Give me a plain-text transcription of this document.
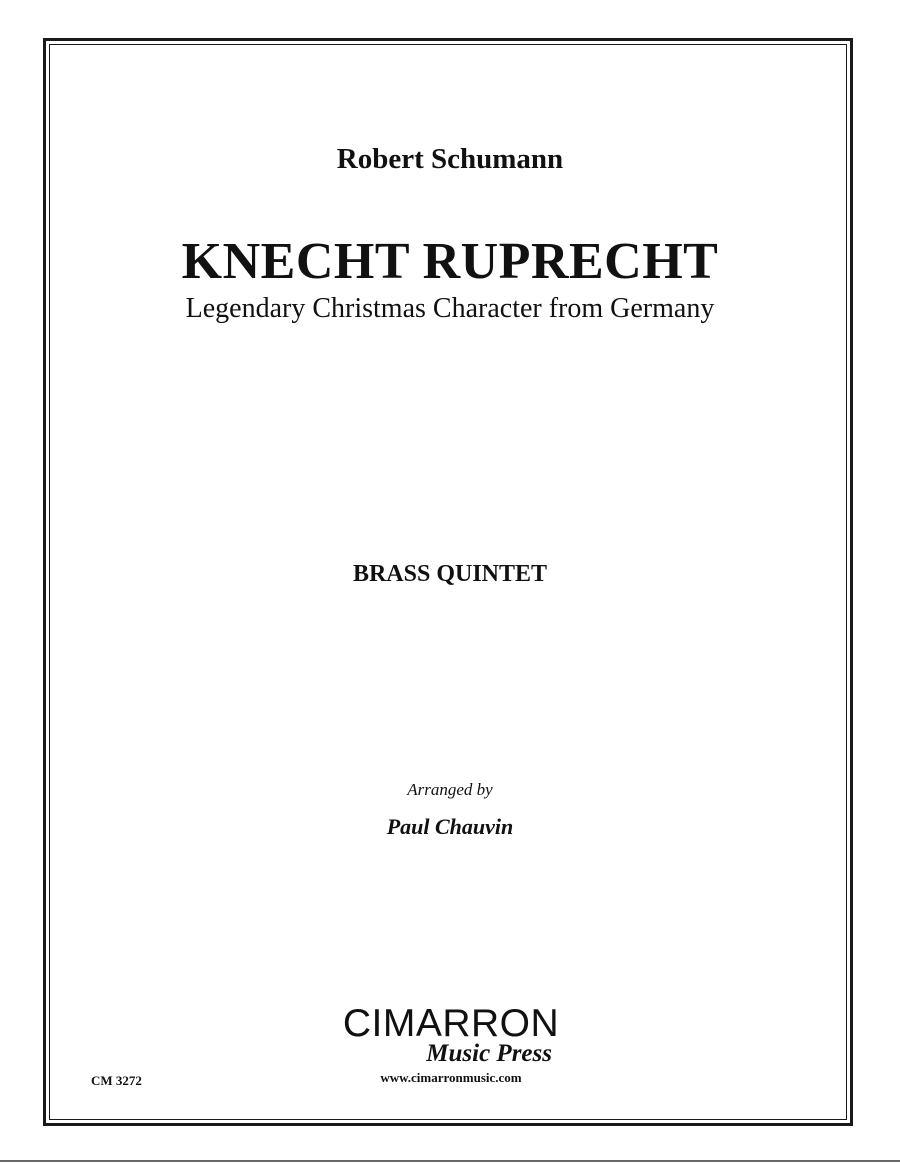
Robert Schumann
KNECHT RUPRECHT
Legendary Christmas Character from Germany
BRASS QUINTET
Arranged by
Paul Chauvin
CIMARRON
Music Press
www.cimarronmusic.com
CM 3272
